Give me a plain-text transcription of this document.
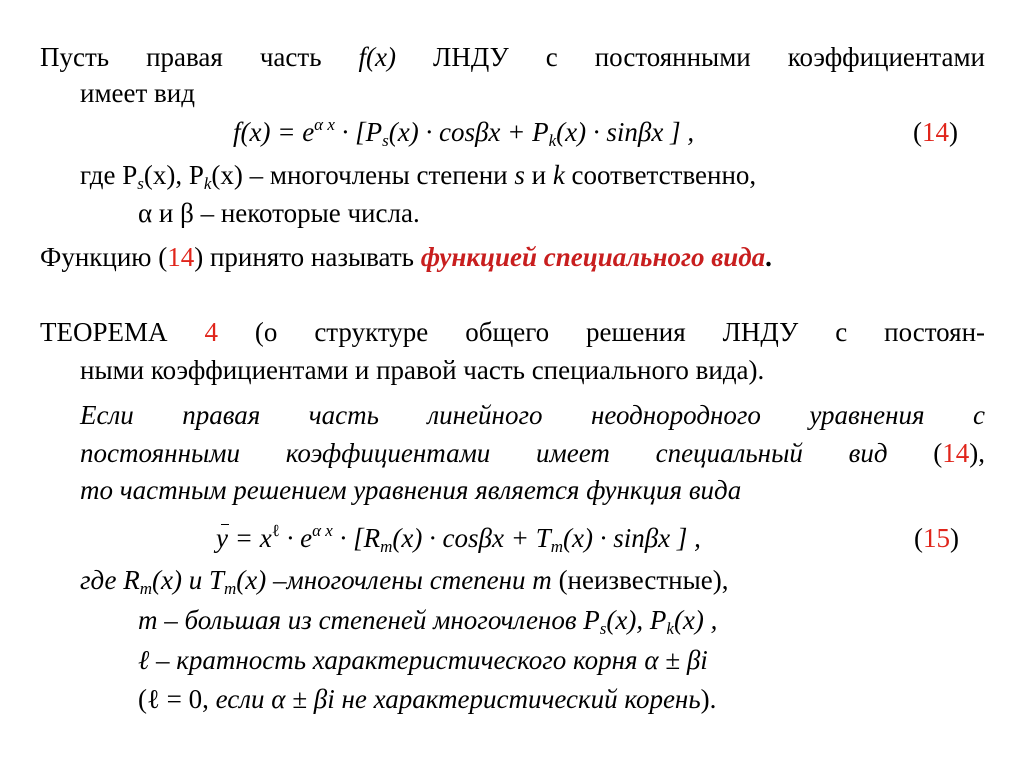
Пусть правая часть f(x) ЛНДУ с постоянными коэффициентами
имеет вид
$f(x) = e^{\alpha x} \cdot [P_s(x) \cdot \cos\beta x + P_k(x) \cdot \sin\beta x$ ] ,	(14)
где $P_s(x)$, $P_k(x)$ – многочлены степени s и k соответственно,
α и β – некоторые числа.
Функцию (14) принято называть функцией специального вида.
ТЕОРЕМА 4 (о структуре общего решения ЛНДУ с постоян-
ными коэффициентами и правой часть специального вида).
Если правая часть линейного неоднородного уравнения с
постоянными коэффициентами имеет специальный вид (14),
то частным решением уравнения является функция вида
$y = x^\ell \cdot e^{\alpha x} \cdot [R_m(x) \cdot \cos\beta x + T_m(x) \cdot \sin\beta x$ ] ,	(15)
где $R_m(x)$ и $T_m(x)$ –многочлены степени m (неизвестные),
m – большая из степеней многочленов $P_s(x)$, $P_k(x)$ ,
ℓ – кратность характеристического корня α ± βi
(ℓ = 0, если α ± βi не характеристический корень).
